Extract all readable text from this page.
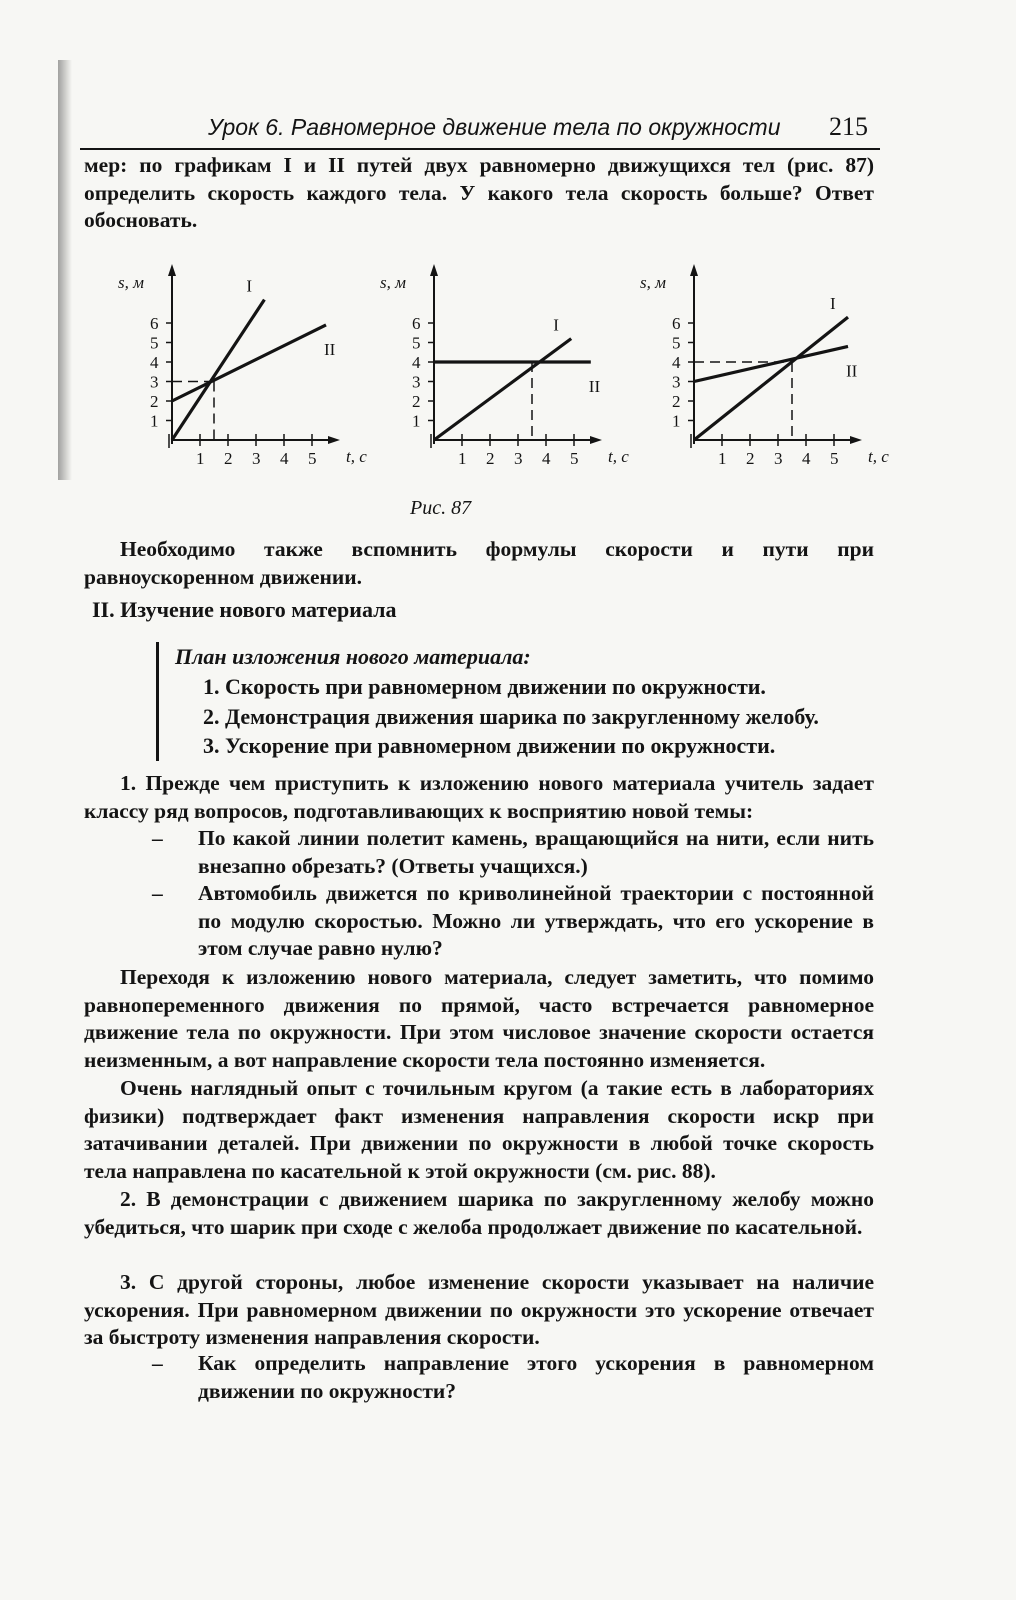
Урок 6. Равномерное движение тела по окружности 215

мер: по графикам I и II путей двух равномерно движущихся тел (рис. 87) определить скорость каждого тела. У какого тела скорость больше? Ответ обосновать.

1 2 3 4 5
1
2
3
4
5
6
s, м
t, c
I
II
1 2 3 4 5
1
2
3
4
5
6
s, м
t, c
I
II
1 2 3 4 5
1
2
3
4
5
6
s, м
t, c
I
II
Рис. 87

Необходимо также вспомнить формулы скорости и пути при равноускоренном движении.

II. Изучение нового материала
План изложения нового материала:
1. Скорость при равномерном движении по окружности.
2. Демонстрация движения шарика по закругленному желобу.
3. Ускорение при равномерном движении по окружности.

1. Прежде чем приступить к изложению нового материала учитель задает классу ряд вопросов, подготавливающих к восприятию новой темы:

– По какой линии полетит камень, вращающийся на нити, если нить внезапно обрезать? (Ответы учащихся.)
– Автомобиль движется по криволинейной траектории с постоянной по модулю скоростью. Можно ли утверждать, что его ускорение в этом случае равно нулю?

Переходя к изложению нового материала, следует заметить, что помимо равнопеременного движения по прямой, часто встречается равномерное движение тела по окружности. При этом числовое значение скорости остается неизменным, а вот направление скорости тела постоянно изменяется.

Очень наглядный опыт с точильным кругом (а такие есть в лабораториях физики) подтверждает факт изменения направления скорости искр при затачивании деталей. При движении по окружности в любой точке скорость тела направлена по касательной к этой окружности (см. рис. 88).

2. В демонстрации с движением шарика по закругленному желобу можно убедиться, что шарик при сходе с желоба продолжает движение по касательной.

3. С другой стороны, любое изменение скорости указывает на наличие ускорения. При равномерном движении по окружности это ускорение отвечает за быстроту изменения направления скорости.

– Как определить направление этого ускорения в равномерном движении по окружности?
